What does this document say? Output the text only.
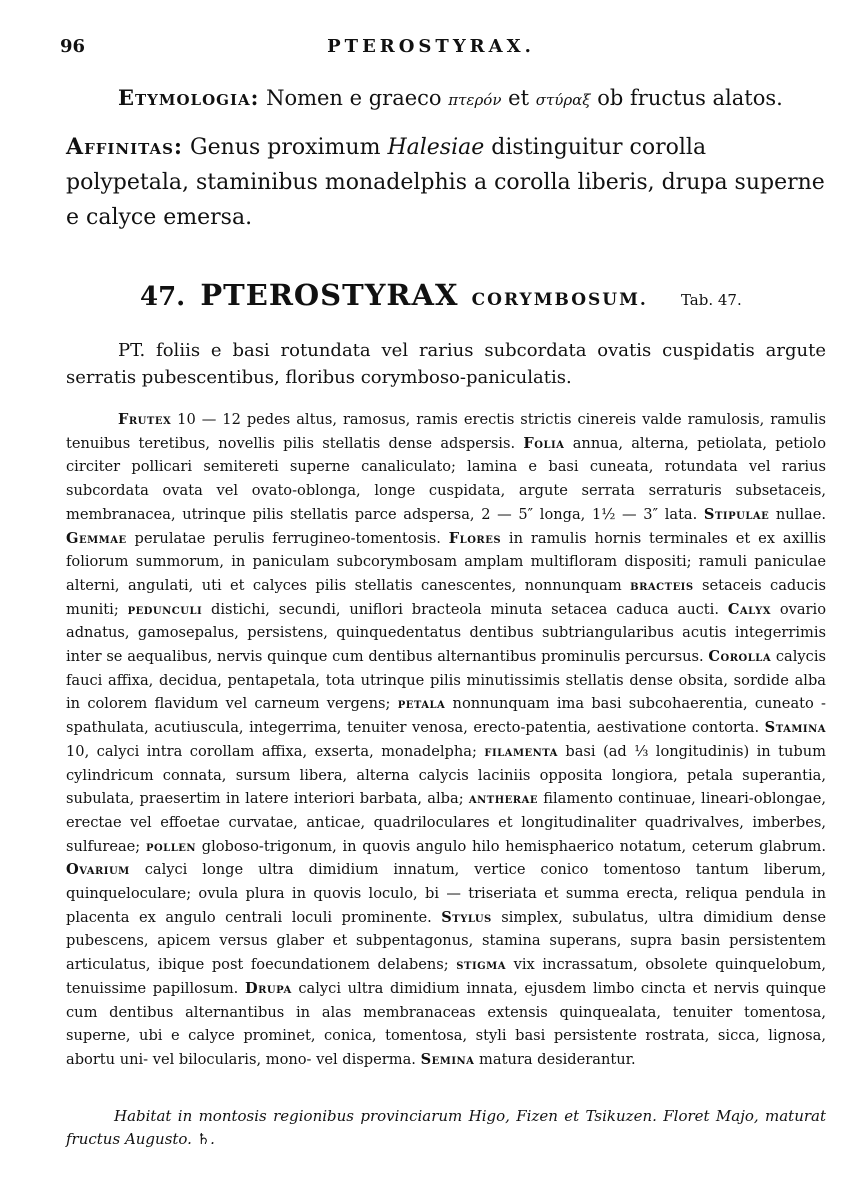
96	PTEROSTYRAX.
Etymologia: Nomen e graeco πτερόν et στύραξ ob fructus alatos.
Affinitas: Genus proximum Halesiae distinguitur corolla polypetala, staminibus monadelphis a corolla liberis, drupa superne e calyce emersa.
47. PTEROSTYRAX CORYMBOSUM. Tab. 47.
PT. foliis e basi rotundata vel rarius subcordata ovatis cuspidatis argute serratis pubescentibus, floribus corymboso-paniculatis.
Frutex 10 — 12 pedes altus, ramosus, ramis erectis strictis cinereis valde ramulosis, ramulis tenuibus teretibus, novellis pilis stellatis dense adspersis. Folia annua, alterna, petiolata, petiolo circiter pollicari semitereti superne canaliculato; lamina e basi cuneata, rotundata vel rarius subcordata ovata vel ovato-oblonga, longe cuspidata, argute serrata serraturis subsetaceis, membranacea, utrinque pilis stellatis parce adspersa, 2 — 5″ longa, 1½ — 3″ lata. Stipulae nullae. Gemmae perulatae perulis ferrugineo-tomentosis. Flores in ramulis hornis terminales et ex axillis foliorum summorum, in paniculam subcorymbosam amplam multifloram dispositi; ramuli paniculae alterni, angulati, uti et calyces pilis stellatis canescentes, nonnunquam bracteis setaceis caducis muniti; pedunculi distichi, secundi, uniflori bracteola minuta setacea caduca aucti. Calyx ovario adnatus, gamosepalus, persistens, quinquedentatus dentibus subtriangularibus acutis integerrimis inter se aequalibus, nervis quinque cum dentibus alternantibus prominulis percursus. Corolla calycis fauci affixa, decidua, pentapetala, tota utrinque pilis minutissimis stellatis dense obsita, sordide alba in colorem flavidum vel carneum vergens; petala nonnunquam ima basi subcohaerentia, cuneato - spathulata, acutiuscula, integerrima, tenuiter venosa, erecto-patentia, aestivatione contorta. Stamina 10, calyci intra corollam affixa, exserta, monadelpha; filamenta basi (ad ⅓ longitudinis) in tubum cylindricum connata, sursum libera, alterna calycis laciniis opposita longiora, petala superantia, subulata, praesertim in latere interiori barbata, alba; antherae filamento continuae, lineari-oblongae, erectae vel effoetae curvatae, anticae, quadriloculares et longitudinaliter quadrivalves, imberbes, sulfureae; pollen globoso-trigonum, in quovis angulo hilo hemisphaerico notatum, ceterum glabrum. Ovarium calyci longe ultra dimidium innatum, vertice conico tomentoso tantum liberum, quinqueloculare; ovula plura in quovis loculo, bi — triseriata et summa erecta, reliqua pendula in placenta ex angulo centrali loculi prominente. Stylus simplex, subulatus, ultra dimidium dense pubescens, apicem versus glaber et subpentagonus, stamina superans, supra basin persistentem articulatus, ibique post foecundationem delabens; stigma vix incrassatum, obsolete quinquelobum, tenuissime papillosum. Drupa calyci ultra dimidium innata, ejusdem limbo cincta et nervis quinque cum dentibus alternantibus in alas membranaceas extensis quinquealata, tenuiter tomentosa, superne, ubi e calyce prominet, conica, tomentosa, styli basi persistente rostrata, sicca, lignosa, abortu uni- vel bilocularis, mono- vel disperma. Semina matura desiderantur.
Habitat in montosis regionibus provinciarum Higo, Fizen et Tsikuzen. Floret Majo, maturat fructus Augusto. ♄.
